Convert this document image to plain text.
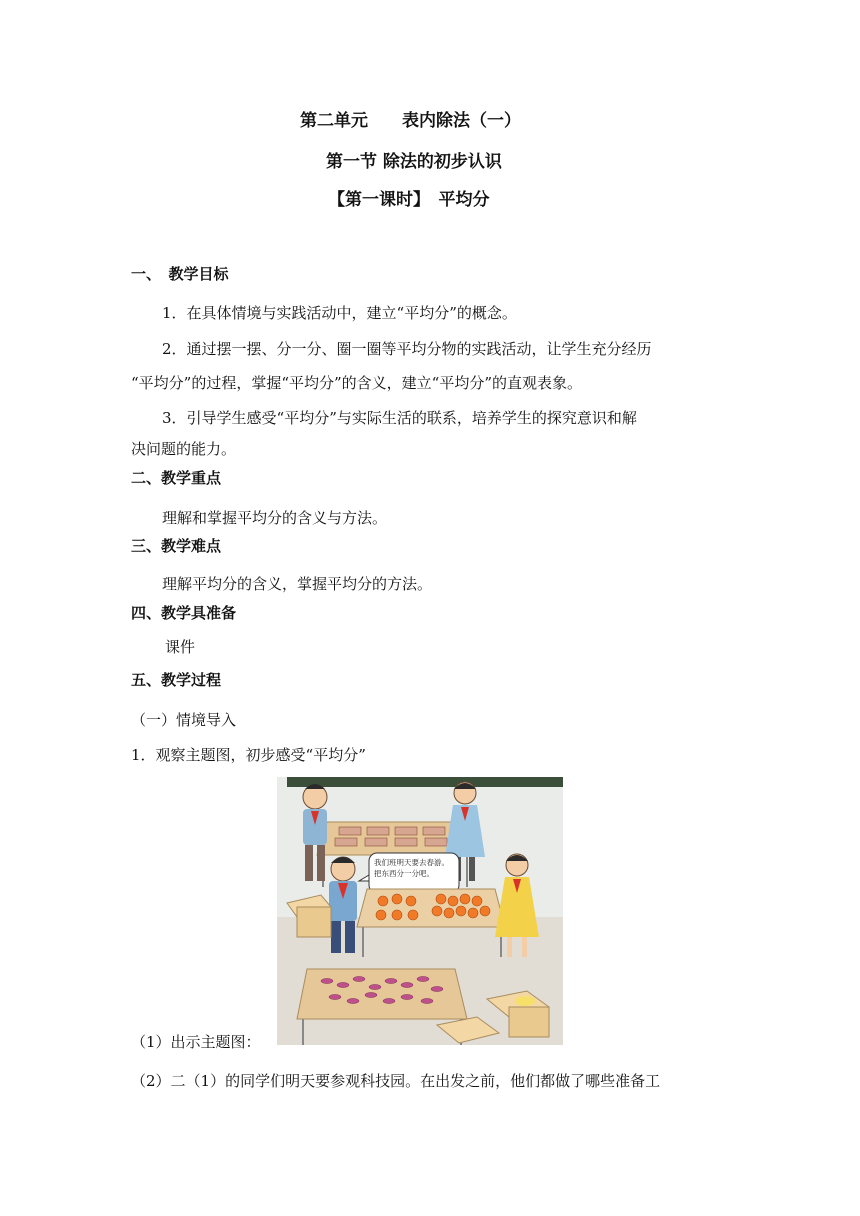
第二单元　　表内除法（一）
第一节 除法的初步认识
【第一课时】　平均分
一、　教学目标
1．在具体情境与实践活动中，建立“平均分”的概念。
2．通过摆一摆、分一分、圈一圈等平均分物的实践活动，让学生充分经历
“平均分”的过程，掌握“平均分”的含义，建立“平均分”的直观表象。
3．引导学生感受“平均分”与实际生活的联系，培养学生的探究意识和解
决问题的能力。
二、教学重点
理解和掌握平均分的含义与方法。
三、教学难点
理解平均分的含义，掌握平均分的方法。
四、教学具准备
课件
五、教学过程
（一）情境导入
1．观察主题图，初步感受“平均分”
我们班明天要去春游。把东西分一分吧。
（1）出示主题图：
（2）二（1）的同学们明天要参观科技园。在出发之前，他们都做了哪些准备工
